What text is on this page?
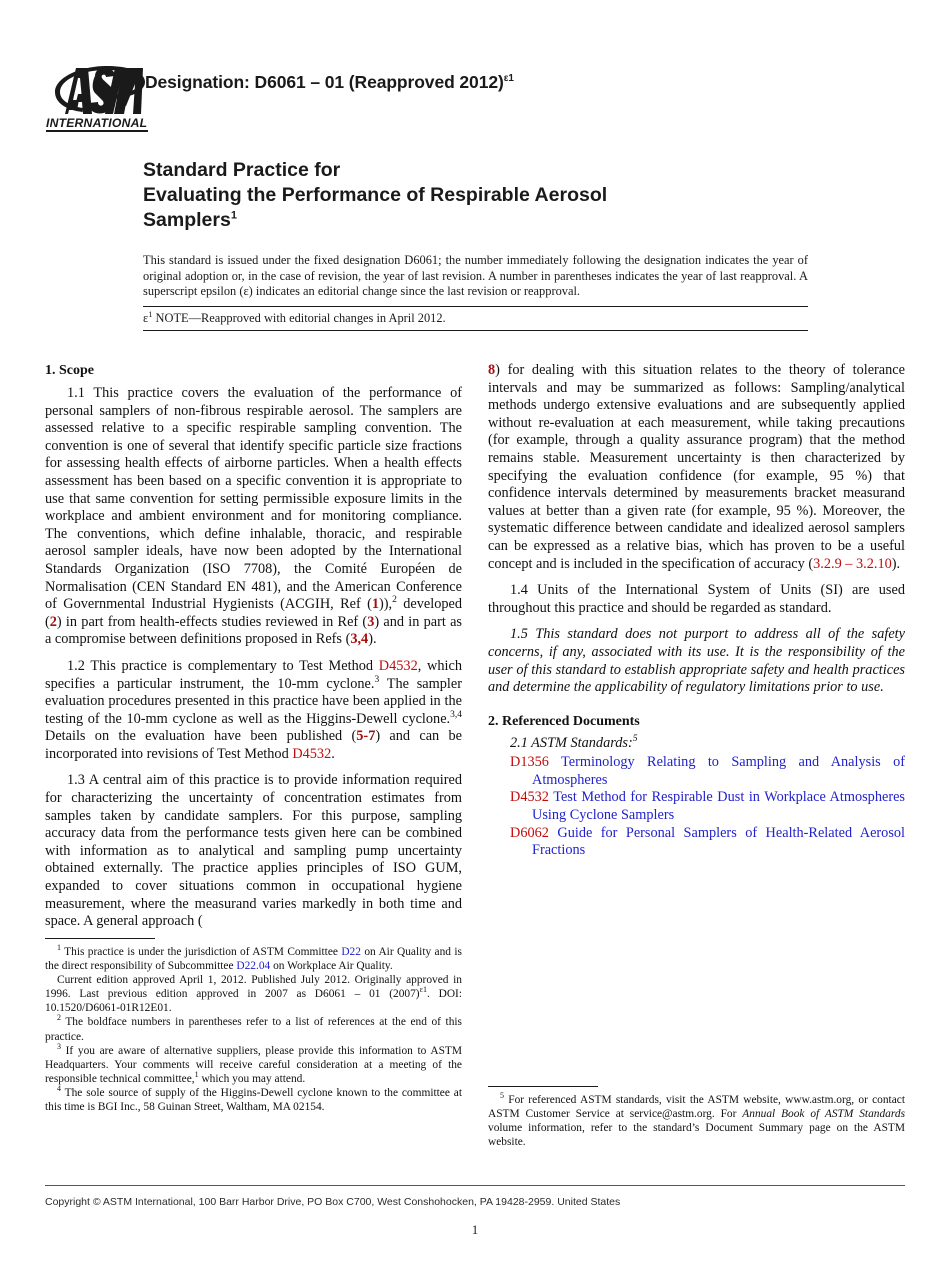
INTERNATIONAL
Designation: D6061 – 01 (Reapproved 2012)$^{\varepsilon 1}$
Standard Practice for
Evaluating the Performance of Respirable Aerosol
Samplers$^1$
This standard is issued under the fixed designation D6061; the number immediately following the designation indicates the year of original adoption or, in the case of revision, the year of last revision. A number in parentheses indicates the year of last reapproval. A superscript epsilon (ε) indicates an editorial change since the last revision or reapproval.
$\varepsilon^1$ NOTE—Reapproved with editorial changes in April 2012.
1. Scope

1.1 This practice covers the evaluation of the performance of personal samplers of non-fibrous respirable aerosol. The samplers are assessed relative to a specific respirable sampling convention. The convention is one of several that identify specific particle size fractions for assessing health effects of airborne particles. When a health effects assessment has been based on a specific convention it is appropriate to use that same convention for setting permissible exposure limits in the workplace and ambient environment and for monitoring compliance. The conventions, which define inhalable, thoracic, and respirable aerosol sampler ideals, have now been adopted by the International Standards Organization (ISO 7708), the Comité Européen de Normalisation (CEN Standard EN 481), and the American Conference of Governmental Industrial Hygienists (ACGIH, Ref (1)),$^2$ developed (2) in part from health-effects studies reviewed in Ref (3) and in part as a compromise between definitions proposed in Refs (3,4).

1.2 This practice is complementary to Test Method D4532, which specifies a particular instrument, the 10-mm cyclone.$^3$ The sampler evaluation procedures presented in this practice have been applied in the testing of the 10-mm cyclone as well as the Higgins-Dewell cyclone.$^{3,4}$ Details on the evaluation have been published (5-7) and can be incorporated into revisions of Test Method D4532.

1.3 A central aim of this practice is to provide information required for characterizing the uncertainty of concentration estimates from samples taken by candidate samplers. For this purpose, sampling accuracy data from the performance tests given here can be combined with information as to analytical and sampling pump uncertainty obtained externally. The practice applies principles of ISO GUM, expanded to cover situations common in occupational hygiene measurement, where the measurand varies markedly in both time and space. A general approach (

8) for dealing with this situation relates to the theory of tolerance intervals and may be summarized as follows: Sampling/analytical methods undergo extensive evaluations and are subsequently applied without re-evaluation at each measurement, while taking precautions (for example, through a quality assurance program) that the method remains stable. Measurement uncertainty is then characterized by specifying the evaluation confidence (for example, 95 %) that confidence intervals determined by measurements bracket measurand values at better than a given rate (for example, 95 %). Moreover, the systematic difference between candidate and idealized aerosol samplers can be expressed as a relative bias, which has proven to be a useful concept and is included in the specification of accuracy (3.2.9 – 3.2.10).

1.4 Units of the International System of Units (SI) are used throughout this practice and should be regarded as standard.

1.5 This standard does not purport to address all of the safety concerns, if any, associated with its use. It is the responsibility of the user of this standard to establish appropriate safety and health practices and determine the applicability of regulatory limitations prior to use.

2. Referenced Documents

2.1 ASTM Standards:$^5$

D1356 Terminology Relating to Sampling and Analysis of Atmospheres
D4532 Test Method for Respirable Dust in Workplace Atmospheres Using Cyclone Samplers
D6062 Guide for Personal Samplers of Health-Related Aerosol Fractions

$^1$ This practice is under the jurisdiction of ASTM Committee D22 on Air Quality and is the direct responsibility of Subcommittee D22.04 on Workplace Air Quality.

Current edition approved April 1, 2012. Published July 2012. Originally approved in 1996. Last previous edition approved in 2007 as D6061 – 01 $(2007)^{\varepsilon 1}$. DOI: 10.1520/D6061-01R12E01.

$^2$ The boldface numbers in parentheses refer to a list of references at the end of this practice.

$^3$ If you are aware of alternative suppliers, please provide this information to ASTM Headquarters. Your comments will receive careful consideration at a meeting of the responsible technical committee,$^1$ which you may attend.

$^4$ The sole source of supply of the Higgins-Dewell cyclone known to the committee at this time is BGI Inc., 58 Guinan Street, Waltham, MA 02154.

$^5$ For referenced ASTM standards, visit the ASTM website, www.astm.org, or contact ASTM Customer Service at service@astm.org. For Annual Book of ASTM Standards volume information, refer to the standard’s Document Summary page on the ASTM website.

Copyright © ASTM International, 100 Barr Harbor Drive, PO Box C700, West Conshohocken, PA 19428-2959. United States
1
